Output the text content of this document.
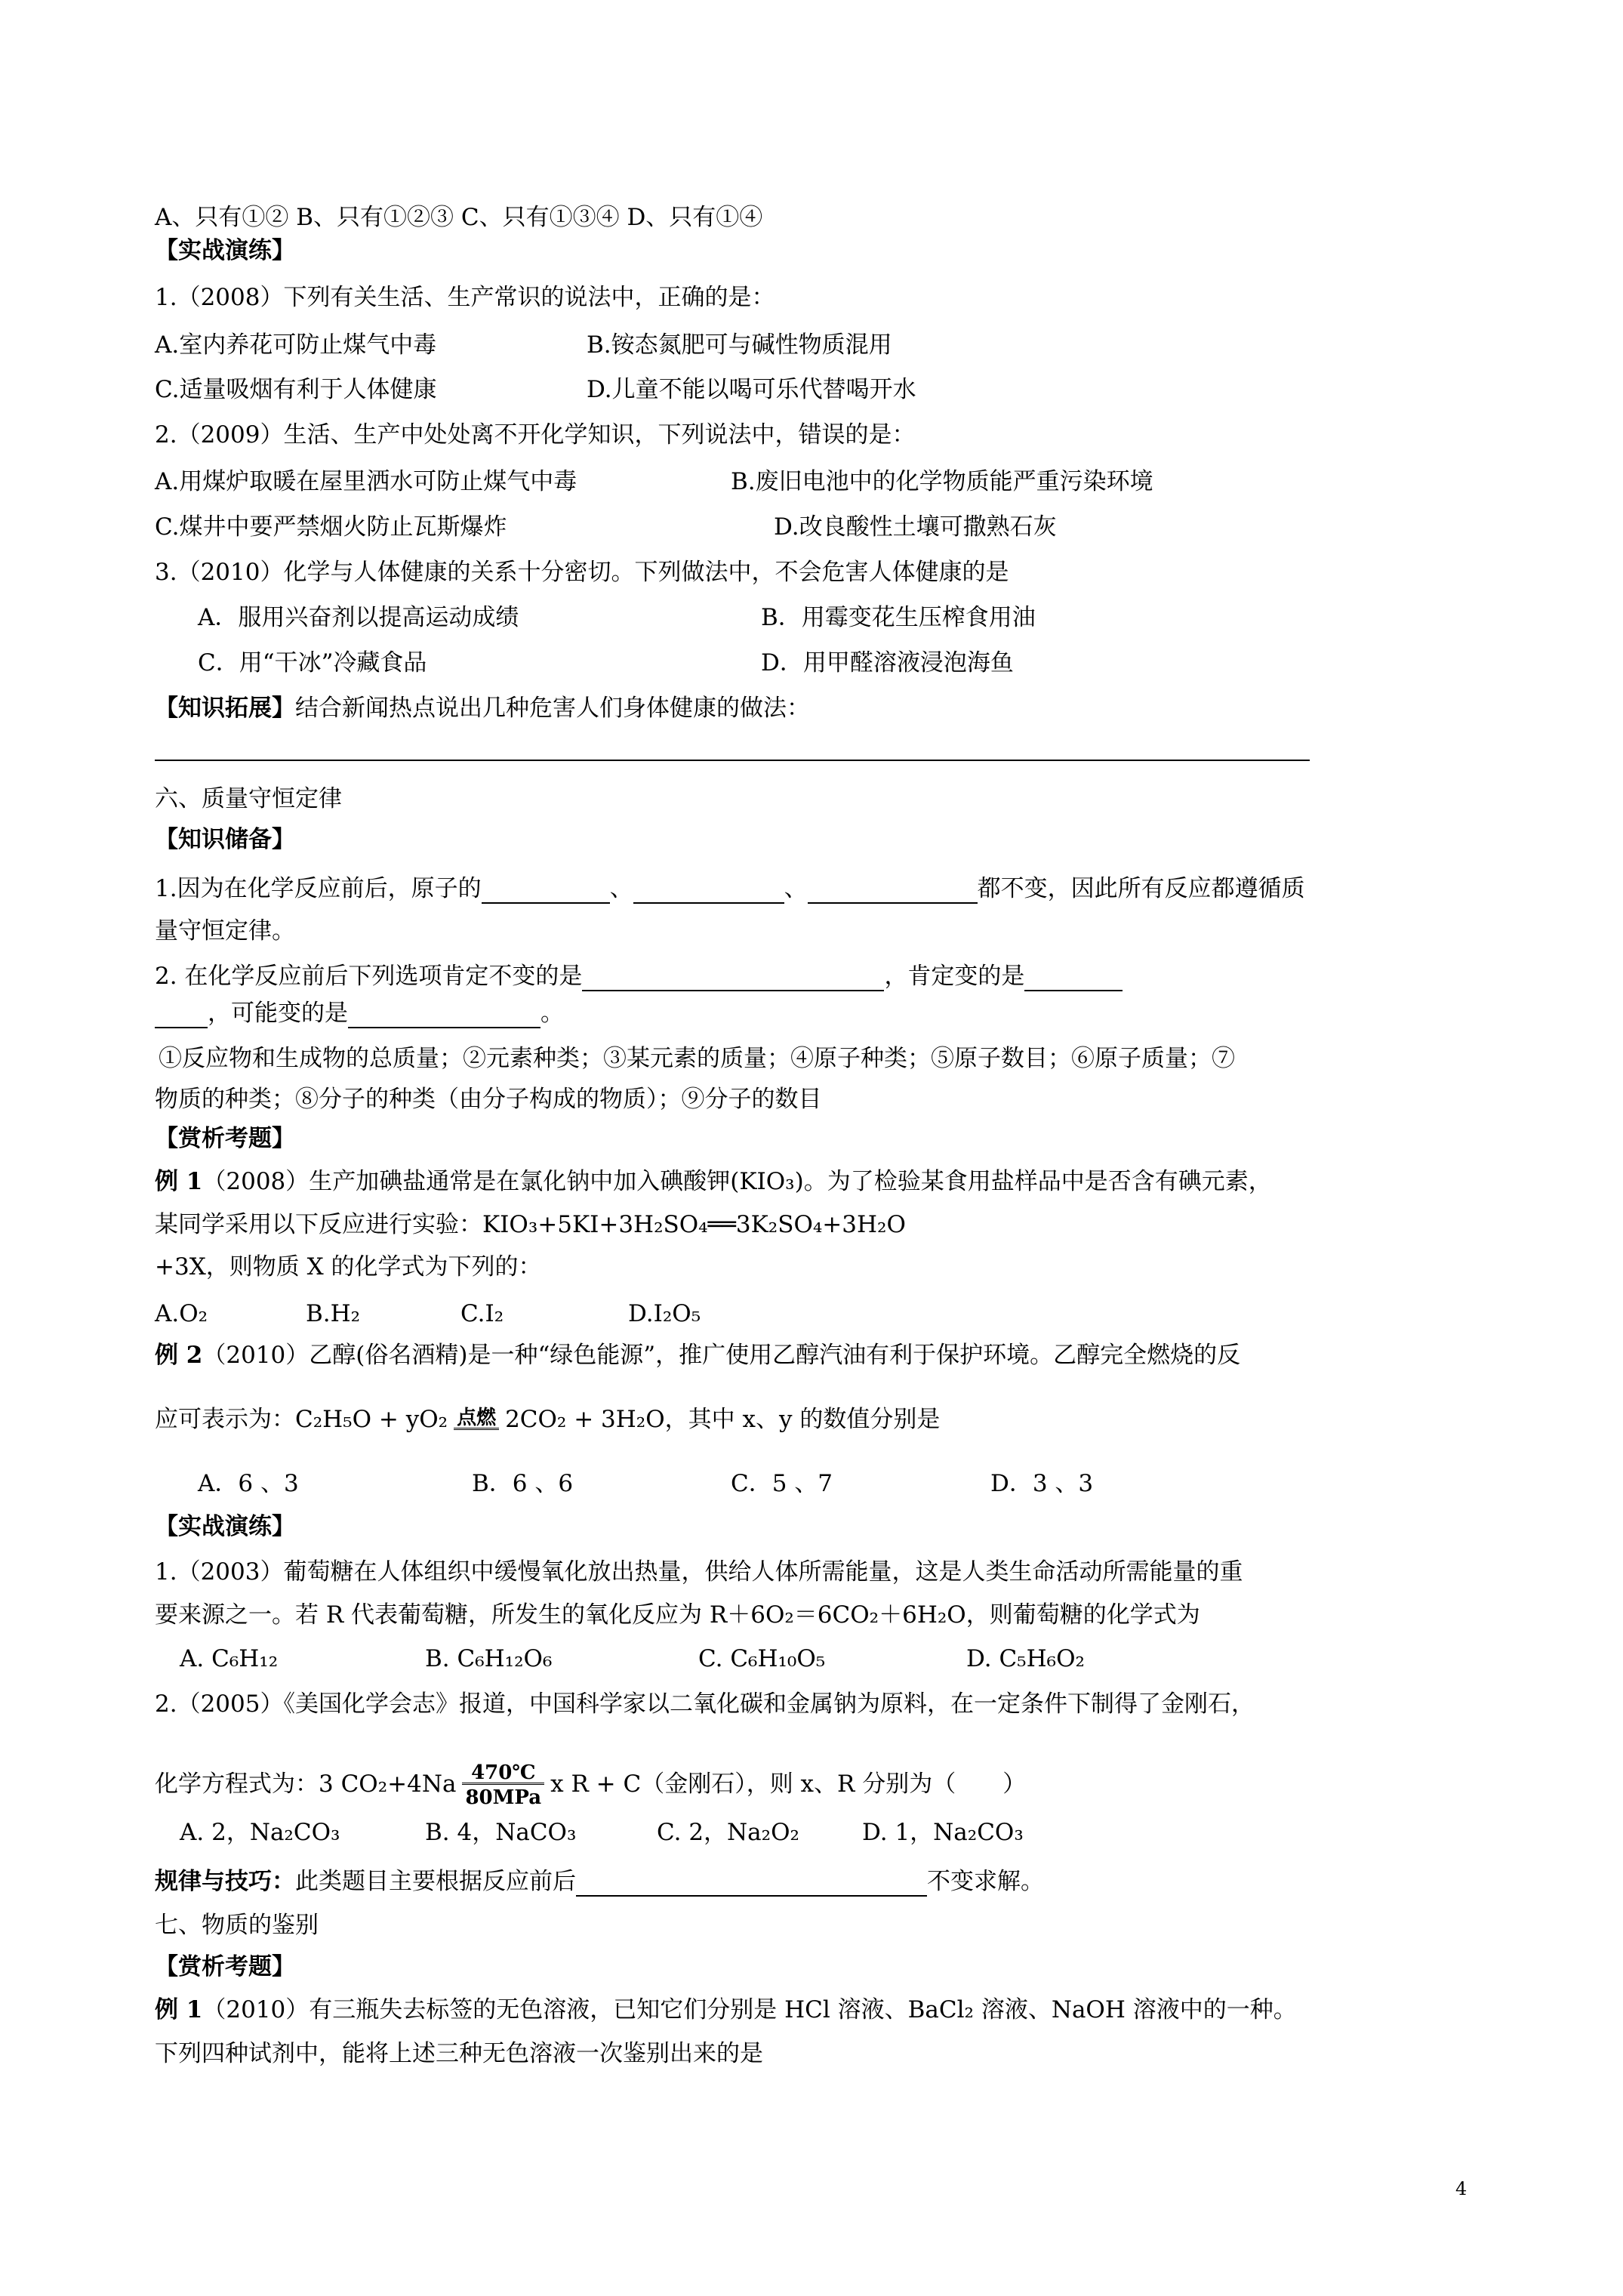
A、只有①② B、只有①②③ C、只有①③④ D、只有①④
【实战演练】
1.（2008）下列有关生活、生产常识的说法中，正确的是：
A.室内养花可防止煤气中毒	B.铵态氮肥可与碱性物质混用
C.适量吸烟有利于人体健康	D.儿童不能以喝可乐代替喝开水
2.（2009）生活、生产中处处离不开化学知识，下列说法中，错误的是：
A.用煤炉取暖在屋里洒水可防止煤气中毒	B.废旧电池中的化学物质能严重污染环境
C.煤井中要严禁烟火防止瓦斯爆炸	D.改良酸性土壤可撒熟石灰
3.（2010）化学与人体健康的关系十分密切。下列做法中，不会危害人体健康的是
A．服用兴奋剂以提高运动成绩	B．用霉变花生压榨食用油
C．用“干冰”冷藏食品	D．用甲醛溶液浸泡海鱼
【知识拓展】结合新闻热点说出几种危害人们身体健康的做法：
六、质量守恒定律
【知识储备】
1.因为在化学反应前后，原子的	、	、	都不变，因此所有反应都遵循质
量守恒定律。
2. 在化学反应前后下列选项肯定不变的是	，肯定变的是
，可能变的是	。
①反应物和生成物的总质量；②元素种类；③某元素的质量；④原子种类；⑤原子数目；⑥原子质量；⑦
物质的种类；⑧分子的种类（由分子构成的物质）；⑨分子的数目
【赏析考题】
例 1（2008）生产加碘盐通常是在氯化钠中加入碘酸钾(KIO₃)。为了检验某食用盐样品中是否含有碘元素，
某同学采用以下反应进行实验：KIO₃+5KI+3H₂SO₄══3K₂SO₄+3H₂O
+3X，则物质 X 的化学式为下列的：
A.O₂	B.H₂	C.I₂	D.I₂O₅
例 2（2010）乙醇(俗名酒精)是一种“绿色能源”，推广使用乙醇汽油有利于保护环境。乙醇完全燃烧的反
应可表示为：C₂H₅O + yO₂ 点燃 2CO₂ + 3H₂O，其中 x、y 的数值分别是
A．6 、3	B．6 、6	C．5 、7	D．3 、3
【实战演练】
1.（2003）葡萄糖在人体组织中缓慢氧化放出热量，供给人体所需能量，这是人类生命活动所需能量的重
要来源之一。若 R 代表葡萄糖，所发生的氧化反应为 R＋6O₂＝6CO₂＋6H₂O，则葡萄糖的化学式为
A. C₆H₁₂	B. C₆H₁₂O₆	C. C₆H₁₀O₅	D. C₅H₆O₂
2.（2005）《美国化学会志》报道，中国科学家以二氧化碳和金属钠为原料，在一定条件下制得了金刚石，
化学方程式为：3 CO₂+4Na 470℃
80MPa x R + C（金刚石），则 x、R 分别为（　　）
A. 2，Na₂CO₃	B. 4，NaCO₃	C. 2，Na₂O₂	D. 1，Na₂CO₃
规律与技巧：此类题目主要根据反应前后	不变求解。
七、物质的鉴别
【赏析考题】
例 1（2010）有三瓶失去标签的无色溶液，已知它们分别是 HCl 溶液、BaCl₂ 溶液、NaOH 溶液中的一种。
下列四种试剂中，能将上述三种无色溶液一次鉴别出来的是
4
